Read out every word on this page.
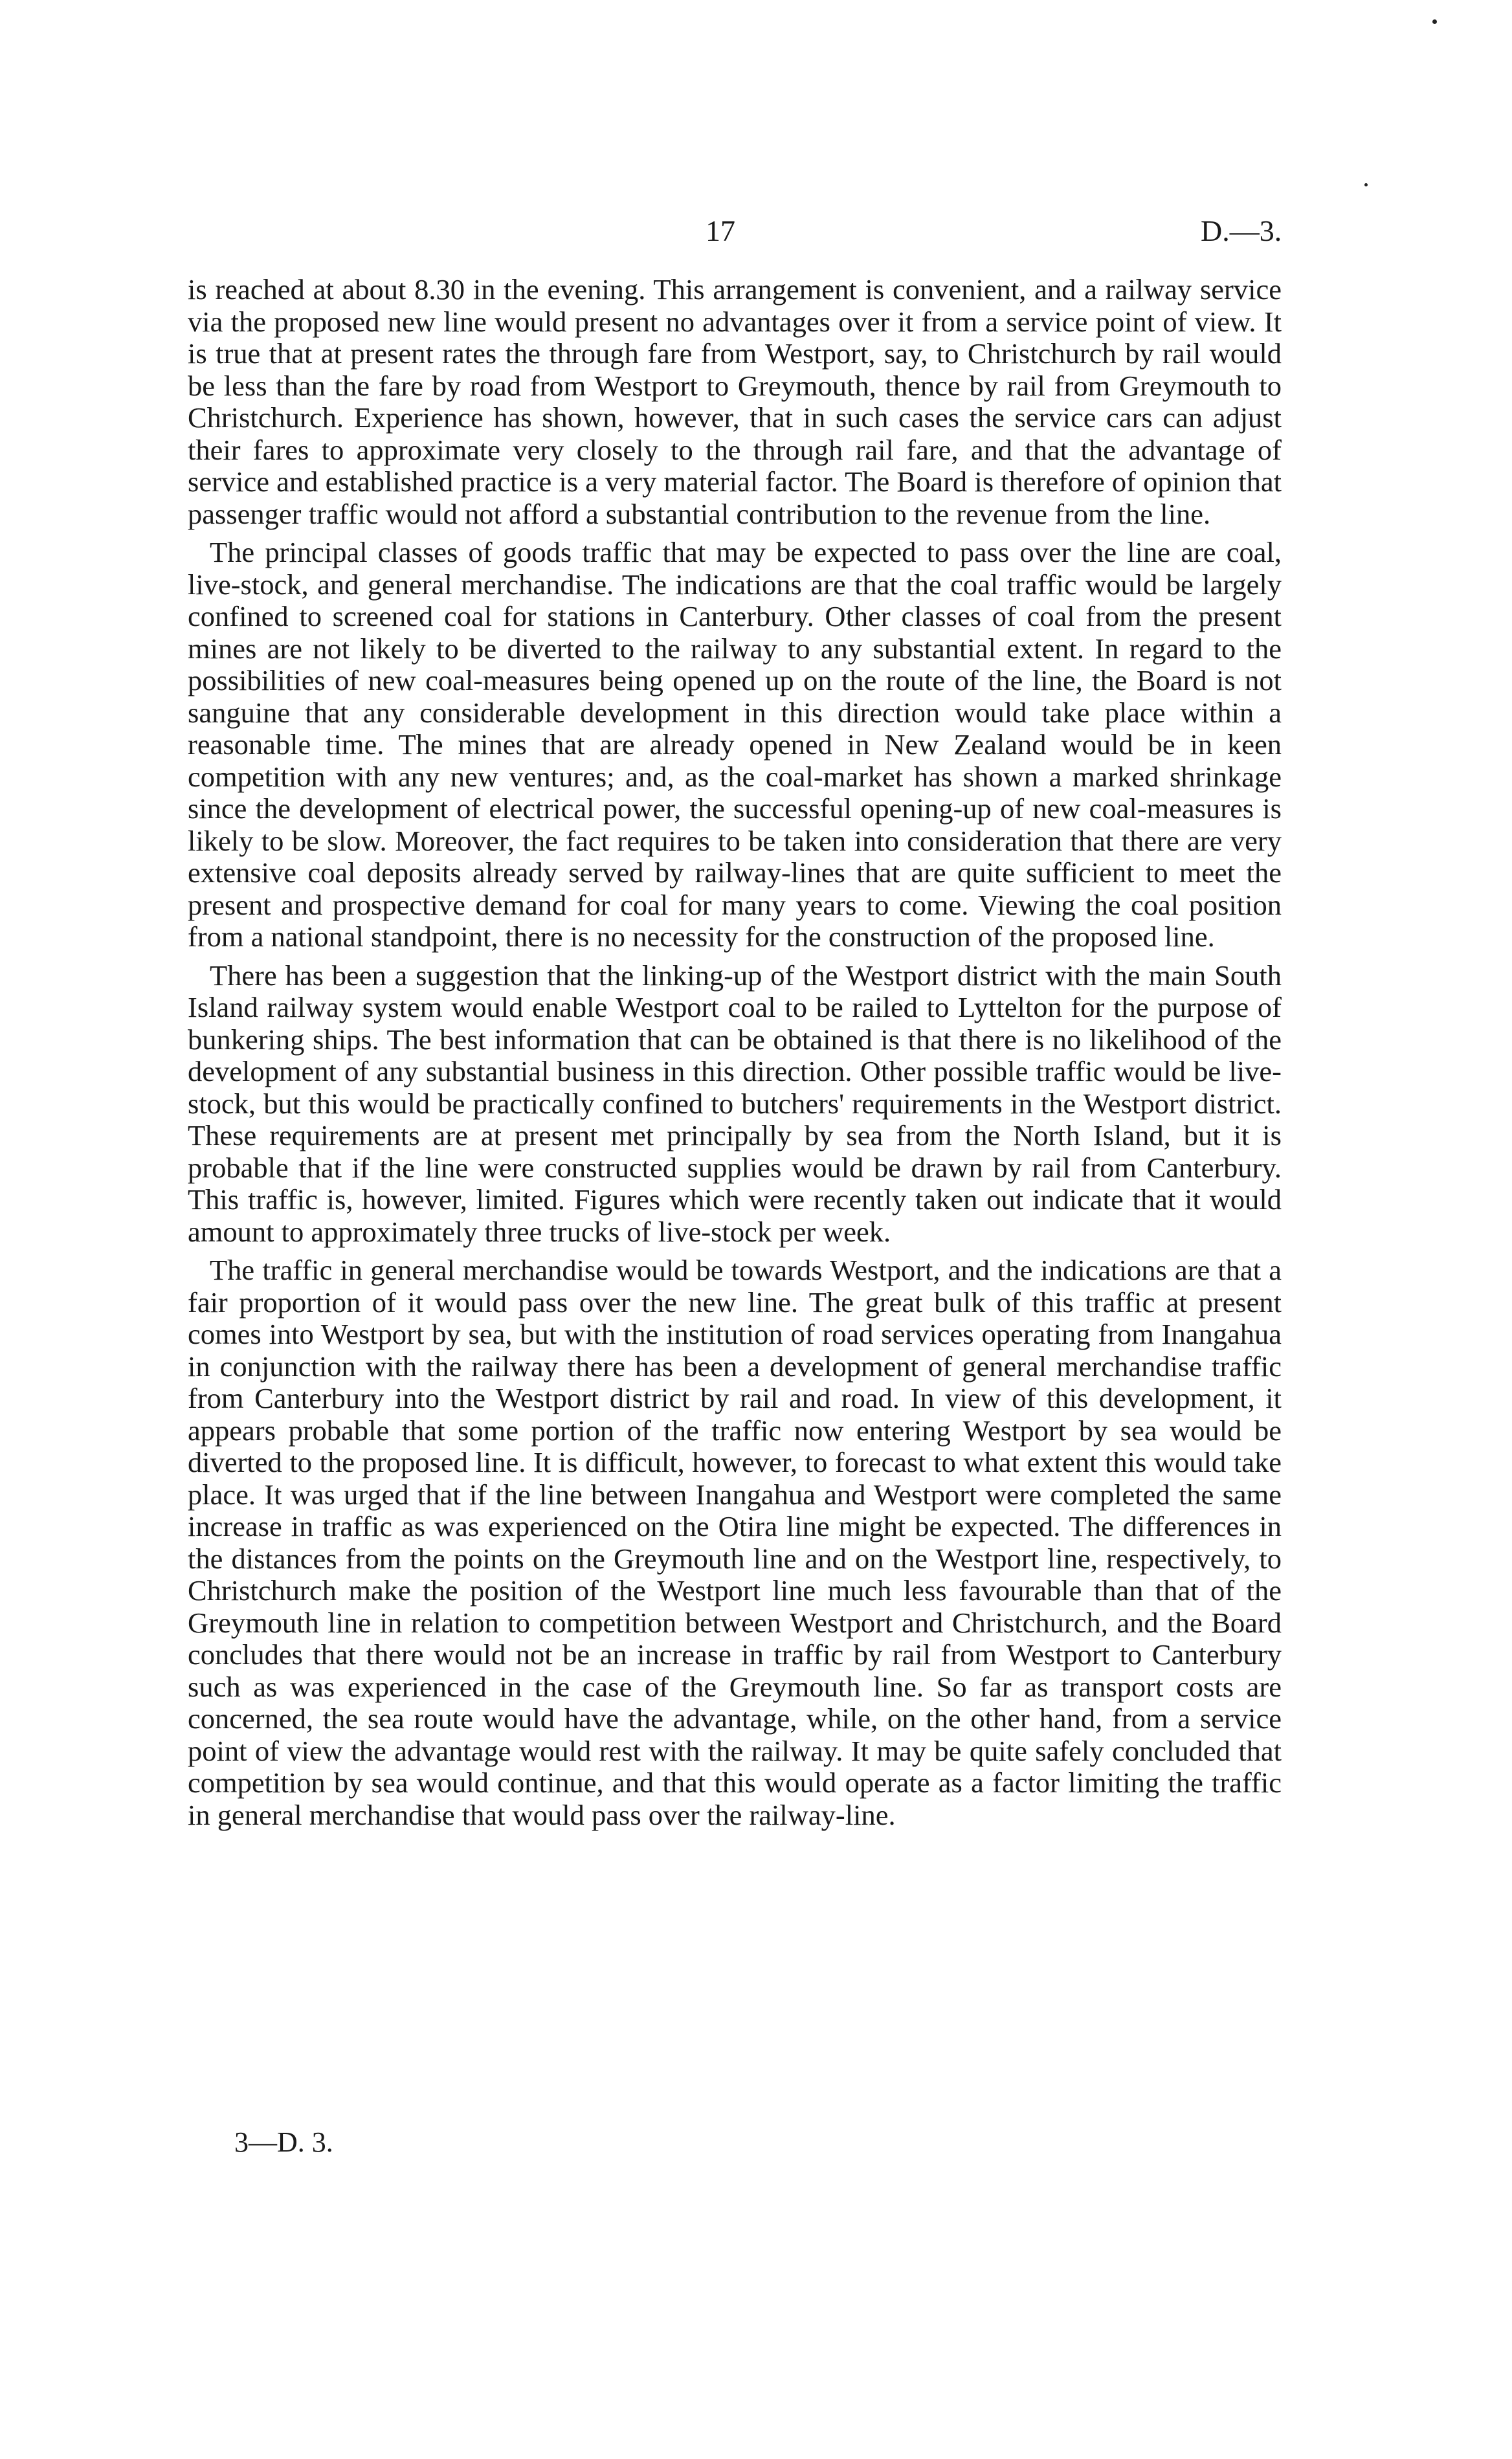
17	D.—3.

is reached at about 8.30 in the evening. This arrangement is convenient, and a railway service via the proposed new line would present no advantages over it from a service point of view. It is true that at present rates the through fare from Westport, say, to Christchurch by rail would be less than the fare by road from Westport to Greymouth, thence by rail from Greymouth to Christchurch. Experience has shown, however, that in such cases the service cars can adjust their fares to approximate very closely to the through rail fare, and that the advantage of service and established practice is a very material factor. The Board is therefore of opinion that passenger traffic would not afford a substantial contribution to the revenue from the line.

The principal classes of goods traffic that may be expected to pass over the line are coal, live-stock, and general merchandise. The indications are that the coal traffic would be largely confined to screened coal for stations in Canterbury. Other classes of coal from the present mines are not likely to be diverted to the railway to any substantial extent. In regard to the possibilities of new coal-measures being opened up on the route of the line, the Board is not sanguine that any considerable development in this direction would take place within a reasonable time. The mines that are already opened in New Zealand would be in keen competition with any new ventures; and, as the coal-market has shown a marked shrinkage since the development of electrical power, the successful opening-up of new coal-measures is likely to be slow. Moreover, the fact requires to be taken into consideration that there are very extensive coal deposits already served by railway-lines that are quite sufficient to meet the present and prospective demand for coal for many years to come. Viewing the coal position from a national standpoint, there is no necessity for the construction of the proposed line.

There has been a suggestion that the linking-up of the Westport district with the main South Island railway system would enable Westport coal to be railed to Lyttelton for the purpose of bunkering ships. The best information that can be obtained is that there is no likelihood of the development of any substantial business in this direction. Other possible traffic would be live-stock, but this would be practically confined to butchers' requirements in the Westport district. These requirements are at present met principally by sea from the North Island, but it is probable that if the line were constructed supplies would be drawn by rail from Canterbury. This traffic is, however, limited. Figures which were recently taken out indicate that it would amount to approximately three trucks of live-stock per week.

The traffic in general merchandise would be towards Westport, and the indications are that a fair proportion of it would pass over the new line. The great bulk of this traffic at present comes into Westport by sea, but with the institution of road services operating from Inangahua in conjunction with the railway there has been a development of general merchandise traffic from Canterbury into the Westport district by rail and road. In view of this development, it appears probable that some portion of the traffic now entering Westport by sea would be diverted to the proposed line. It is difficult, however, to forecast to what extent this would take place. It was urged that if the line between Inangahua and Westport were completed the same increase in traffic as was experienced on the Otira line might be expected. The differences in the distances from the points on the Greymouth line and on the Westport line, respectively, to Christchurch make the position of the Westport line much less favourable than that of the Greymouth line in relation to competition between Westport and Christchurch, and the Board concludes that there would not be an increase in traffic by rail from Westport to Canterbury such as was experienced in the case of the Greymouth line. So far as transport costs are concerned, the sea route would have the advantage, while, on the other hand, from a service point of view the advantage would rest with the railway. It may be quite safely concluded that competition by sea would continue, and that this would operate as a factor limiting the traffic in general merchandise that would pass over the railway-line.

3—D. 3.
